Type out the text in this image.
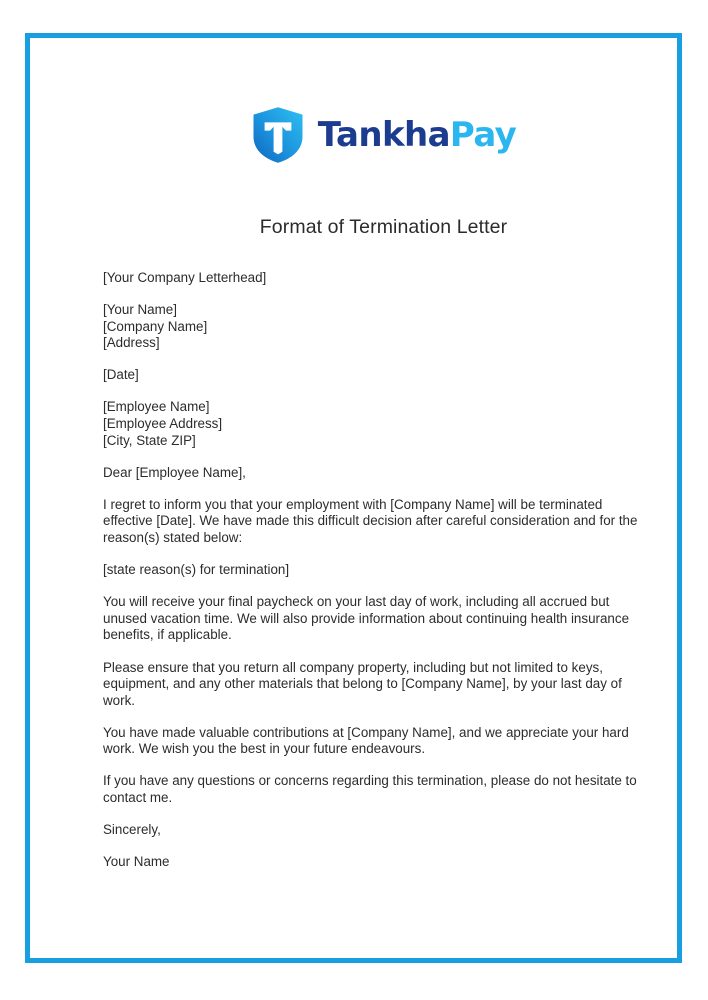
TankhaPay
Format of Termination Letter

[Your Company Letterhead]

[Your Name]
[Company Name]
[Address]

[Date]

[Employee Name]
[Employee Address]
[City, State ZIP]

Dear [Employee Name],

I regret to inform you that your employment with [Company Name] will be terminated effective [Date]. We have made this difficult decision after careful consideration and for the reason(s) stated below:

[state reason(s) for termination]

You will receive your final paycheck on your last day of work, including all accrued but unused vacation time. We will also provide information about continuing health insurance benefits, if applicable.

Please ensure that you return all company property, including but not limited to keys, equipment, and any other materials that belong to [Company Name], by your last day of work.

You have made valuable contributions at [Company Name], and we appreciate your hard work. We wish you the best in your future endeavours.

If you have any questions or concerns regarding this termination, please do not hesitate to contact me.

Sincerely,

Your Name
